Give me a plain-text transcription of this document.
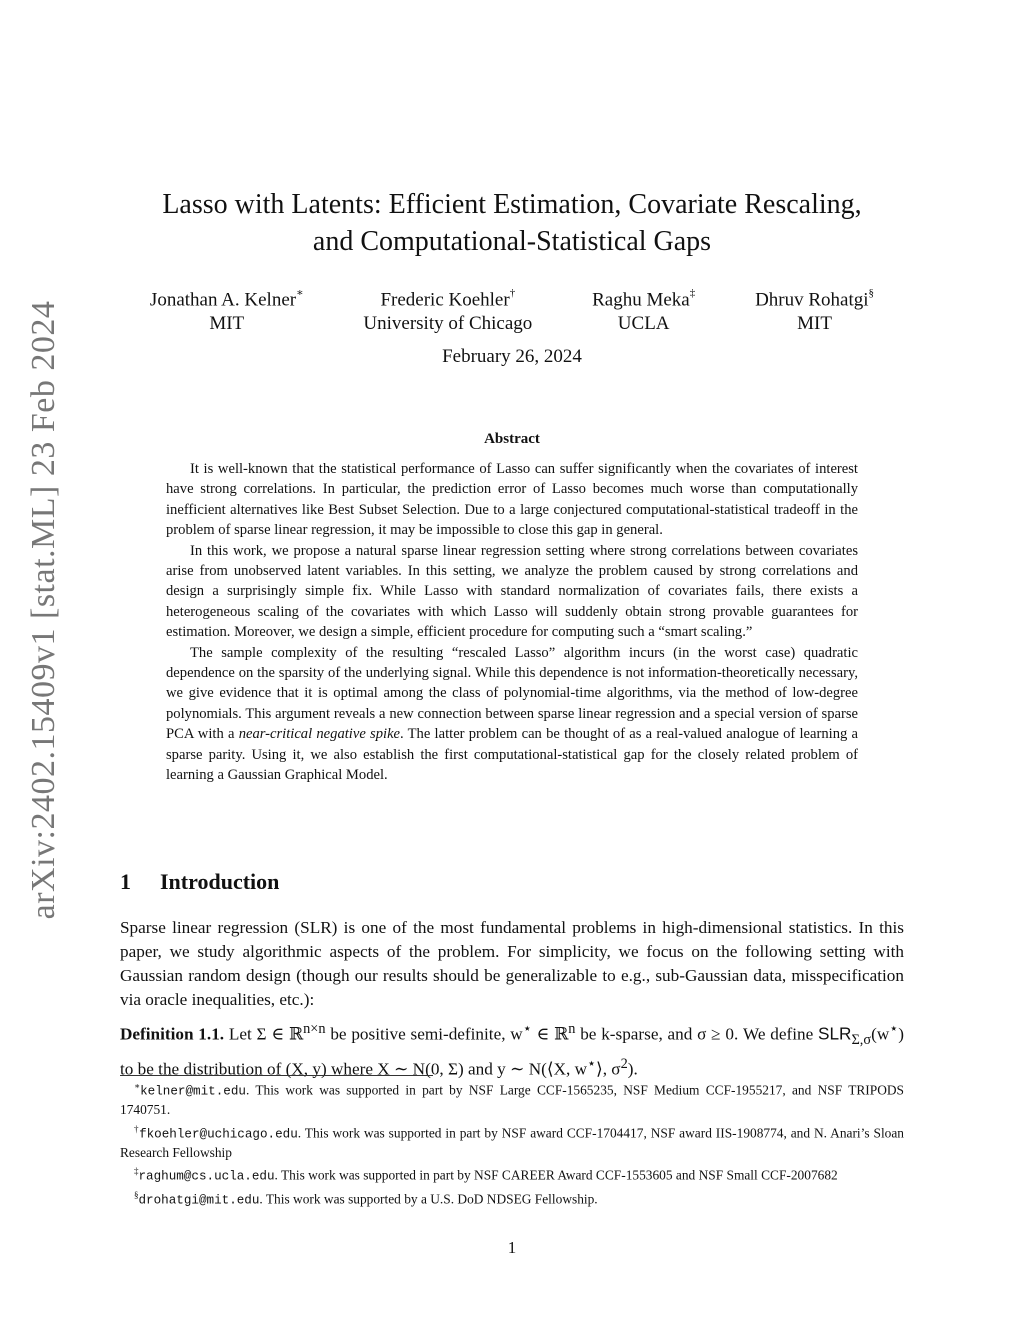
arXiv:2402.15409v1 [stat.ML] 23 Feb 2024
Lasso with Latents: Efficient Estimation, Covariate Rescaling,
and Computational-Statistical Gaps
Jonathan A. Kelner∗
MIT
Frederic Koehler†
University of Chicago
Raghu Meka‡
UCLA
Dhruv Rohatgi§
MIT
February 26, 2024
Abstract

It is well-known that the statistical performance of Lasso can suffer significantly when the covariates of interest have strong correlations. In particular, the prediction error of Lasso becomes much worse than computationally inefficient alternatives like Best Subset Selection. Due to a large conjectured computational-statistical tradeoff in the problem of sparse linear regression, it may be impossible to close this gap in general.

In this work, we propose a natural sparse linear regression setting where strong correlations between covariates arise from unobserved latent variables. In this setting, we analyze the problem caused by strong correlations and design a surprisingly simple fix. While Lasso with standard normalization of covariates fails, there exists a heterogeneous scaling of the covariates with which Lasso will suddenly obtain strong provable guarantees for estimation. Moreover, we design a simple, efficient procedure for computing such a “smart scaling.”

The sample complexity of the resulting “rescaled Lasso” algorithm incurs (in the worst case) quadratic dependence on the sparsity of the underlying signal. While this dependence is not information-theoretically necessary, we give evidence that it is optimal among the class of polynomial-time algorithms, via the method of low-degree polynomials. This argument reveals a new connection between sparse linear regression and a special version of sparse PCA with a near-critical negative spike. The latter problem can be thought of as a real-valued analogue of learning a sparse parity. Using it, we also establish the first computational-statistical gap for the closely related problem of learning a Gaussian Graphical Model.

1 Introduction

Sparse linear regression (SLR) is one of the most fundamental problems in high-dimensional statistics. In this paper, we study algorithmic aspects of the problem. For simplicity, we focus on the following setting with Gaussian random design (though our results should be generalizable to e.g., sub-Gaussian data, misspecification via oracle inequalities, etc.):

Definition 1.1. Let Σ ∈ ℝ$^{n\times n}$ be positive semi-definite, w⋆ ∈ ℝ$^n$ be k-sparse, and σ ≥ 0. We define $SLR_{\Sigma,\sigma}(w^⋆)$ to be the distribution of (X, y) where X ∼ N(0, Σ) and y ∼ N(⟨X, w⋆⟩, $\sigma^2$).

∗kelner@mit.edu. This work was supported in part by NSF Large CCF-1565235, NSF Medium CCF-1955217, and NSF TRIPODS 1740751.

†fkoehler@uchicago.edu. This work was supported in part by NSF award CCF-1704417, NSF award IIS-1908774, and N. Anari’s Sloan Research Fellowship

‡raghum@cs.ucla.edu. This work was supported in part by NSF CAREER Award CCF-1553605 and NSF Small CCF-2007682

§drohatgi@mit.edu. This work was supported by a U.S. DoD NDSEG Fellowship.

1
